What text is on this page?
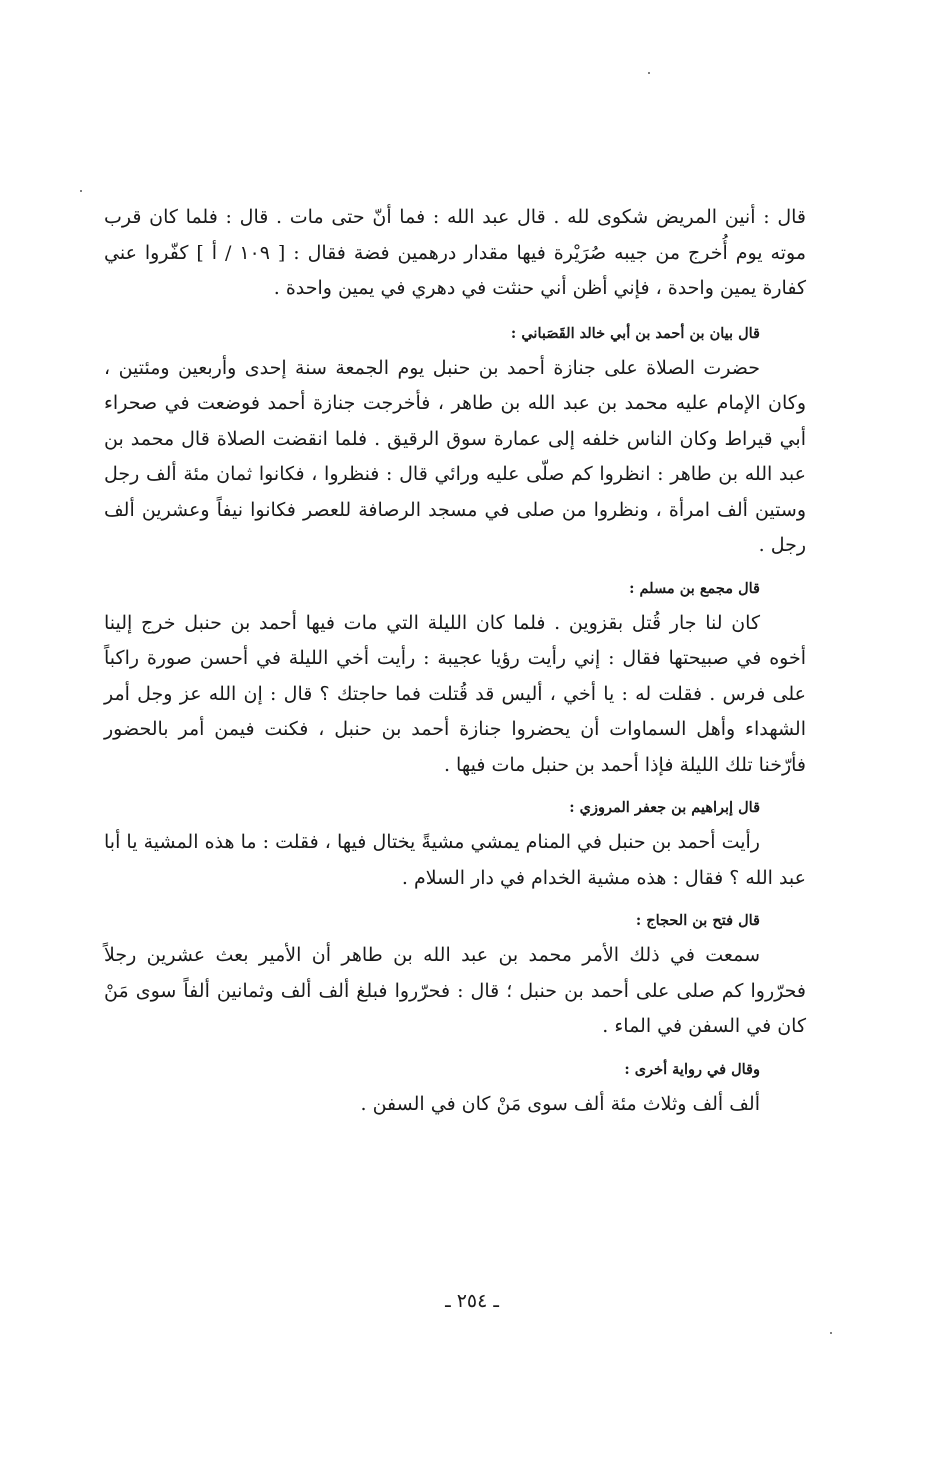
قال : أنين المريض شكوى لله . قال عبد الله : فما أنّ حتى مات . قال : فلما كان قرب موته يوم أُخرج من جيبه صُرَيْرة فيها مقدار درهمين فضة فقال : [ ١٠٩ / أ ] كفّروا عني كفارة يمين واحدة ، فإني أظن أني حنثت في دهري في يمين واحدة .

قال بيان بن أحمد بن أبي خالد القَصَباني :

حضرت الصلاة على جنازة أحمد بن حنبل يوم الجمعة سنة إحدى وأربعين ومئتين ، وكان الإمام عليه محمد بن عبد الله بن طاهر ، فأخرجت جنازة أحمد فوضعت في صحراء أبي قيراط وكان الناس خلفه إلى عمارة سوق الرقيق . فلما انقضت الصلاة قال محمد بن عبد الله بن طاهر : انظروا كم صلّى عليه ورائي قال : فنظروا ، فكانوا ثمان مئة ألف رجل وستين ألف امرأة ، ونظروا من صلى في مسجد الرصافة للعصر فكانوا نيفاً وعشرين ألف رجل .

قال مجمع بن مسلم :

كان لنا جار قُتل بقزوين . فلما كان الليلة التي مات فيها أحمد بن حنبل خرج إلينا أخوه في صبيحتها فقال : إني رأيت رؤيا عجيبة : رأيت أخي الليلة في أحسن صورة راكباً على فرس . فقلت له : يا أخي ، أليس قد قُتلت فما حاجتك ؟ قال : إن الله عز وجل أمر الشهداء وأهل السماوات أن يحضروا جنازة أحمد بن حنبل ، فكنت فيمن أمر بالحضور فأرّخنا تلك الليلة فإذا أحمد بن حنبل مات فيها .

قال إبراهيم بن جعفر المروزي :

رأيت أحمد بن حنبل في المنام يمشي مشيةً يختال فيها ، فقلت : ما هذه المشية يا أبا عبد الله ؟ فقال : هذه مشية الخدام في دار السلام .

قال فتح بن الحجاج :

سمعت في ذلك الأمر محمد بن عبد الله بن طاهر أن الأمير بعث عشرين رجلاً فحرّروا كم صلى على أحمد بن حنبل ؛ قال : فحرّروا فبلغ ألف ألف وثمانين ألفاً سوى مَنْ كان في السفن في الماء .

وقال في رواية أخرى :

ألف ألف وثلاث مئة ألف سوى مَنْ كان في السفن .

ـ ٢٥٤ ـ
